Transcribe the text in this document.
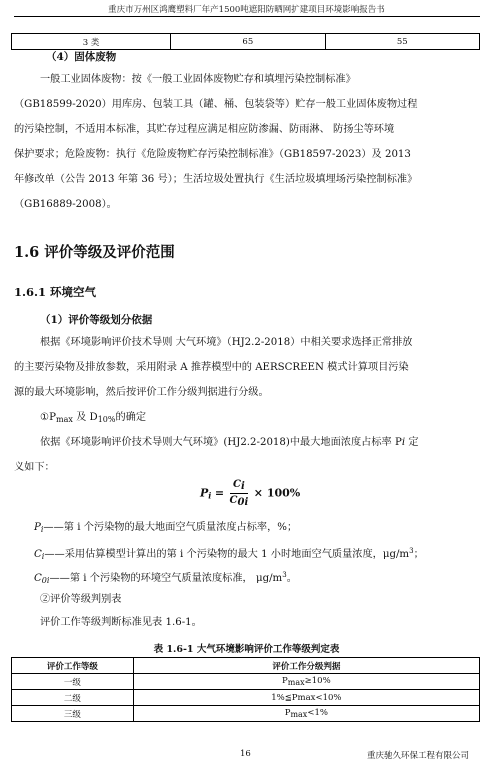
重庆市万州区鸿鹰塑料厂年产1500吨遮阳防晒网扩建项目环境影响报告书
3 类	65	55
（4）固体废物
一般工业固体废物：按《一般工业固体废物贮存和填埋污染控制标准》
（GB18599-2020）用库房、包装工具（罐、桶、包装袋等）贮存一般工业固体废物过程
的污染控制，不适用本标准，其贮存过程应满足相应防渗漏、防雨淋、 防扬尘等环境
保护要求；危险废物：执行《危险废物贮存污染控制标准》（GB18597-2023）及 2013
年修改单（公告 2013 年第 36 号）；生活垃圾处置执行《生活垃圾填埋场污染控制标准》
（GB16889-2008）。
1.6 评价等级及评价范围
1.6.1 环境空气
（1）评价等级划分依据
根据《环境影响评价技术导则 大气环境》（HJ2.2-2018）中相关要求选择正常排放
的主要污染物及排放参数，采用附录 A 推荐模型中的 AERSCREEN 模式计算项目污染
源的最大环境影响，然后按评价工作分级判据进行分级。
$①P_{max}$ 及 $D_{10\%}$的确定
依据《环境影响评价技术导则大气环境》(HJ2.2-2018)中最大地面浓度占标率 Pi 定
义如下：
$P_i = \frac{Ci}{C0i} \times 100\%$
$P_i——$第 i 个污染物的最大地面空气质量浓度占标率，%；
$C_i——$采用估算模型计算出的第 i 个污染物的最大 1 小时地面空气质量浓度，$\mu g/m^3$；
$C_{0i}——$第 i 个污染物的环境空气质量浓度标准， $\mu g/m^3$。
②评价等级判别表
评价工作等级判断标准见表 1.6-1。
表 1.6-1 大气环境影响评价工作等级判定表
评价工作等级	评价工作分级判据
一级	Pmax≥10%
二级	1%≦Pmax<10%
三级	Pmax<1%
16	重庆驰久环保工程有限公司
